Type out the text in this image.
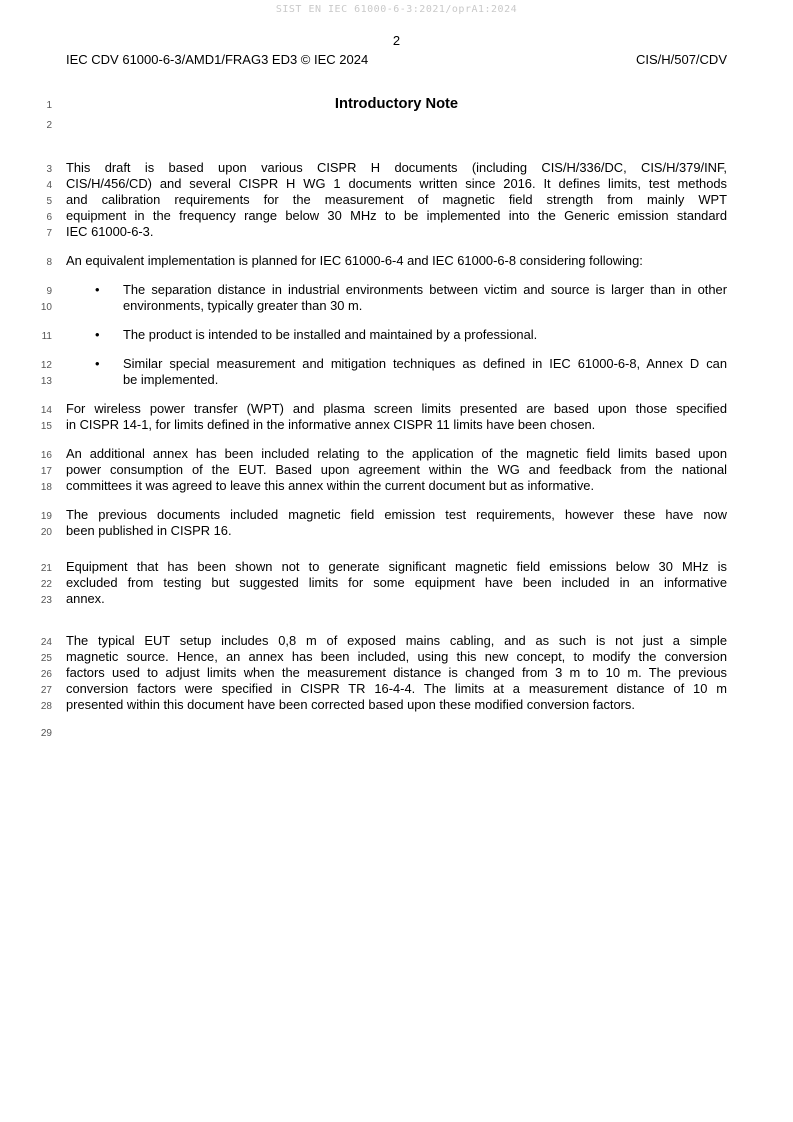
SIST EN IEC 61000-6-3:2021/oprA1:2024
2
IEC CDV 61000-6-3/AMD1/FRAG3 ED3 © IEC 2024	CIS/H/507/CDV
1	Introductory Note
2
3 This draft is based upon various CISPR H documents (including CIS/H/336/DC, CIS/H/379/INF,
4 CIS/H/456/CD) and several CISPR H WG 1 documents written since 2016. It defines limits, test methods
5 and calibration requirements for the measurement of magnetic field strength from mainly WPT
6 equipment in the frequency range below 30 MHz to be implemented into the Generic emission standard
7 IEC 61000-6-3.
8 An equivalent implementation is planned for IEC 61000-6-4 and IEC 61000-6-8 considering following:
9	• The separation distance in industrial environments between victim and source is larger than in other
10	environments, typically greater than 30 m.
11	• The product is intended to be installed and maintained by a professional.
12	• Similar special measurement and mitigation techniques as defined in IEC 61000-6-8, Annex D can
13	be implemented.
14 For wireless power transfer (WPT) and plasma screen limits presented are based upon those specified
15 in CISPR 14-1, for limits defined in the informative annex CISPR 11 limits have been chosen.
16 An additional annex has been included relating to the application of the magnetic field limits based upon
17 power consumption of the EUT. Based upon agreement within the WG and feedback from the national
18 committees it was agreed to leave this annex within the current document but as informative.
19 The previous documents included magnetic field emission test requirements, however these have now
20 been published in CISPR 16.
21 Equipment that has been shown not to generate significant magnetic field emissions below 30 MHz is
22 excluded from testing but suggested limits for some equipment have been included in an informative
23 annex.
24 The typical EUT setup includes 0,8 m of exposed mains cabling, and as such is not just a simple
25 magnetic source. Hence, an annex has been included, using this new concept, to modify the conversion
26 factors used to adjust limits when the measurement distance is changed from 3 m to 10 m. The previous
27 conversion factors were specified in CISPR TR 16-4-4. The limits at a measurement distance of 10 m
28 presented within this document have been corrected based upon these modified conversion factors.
29
